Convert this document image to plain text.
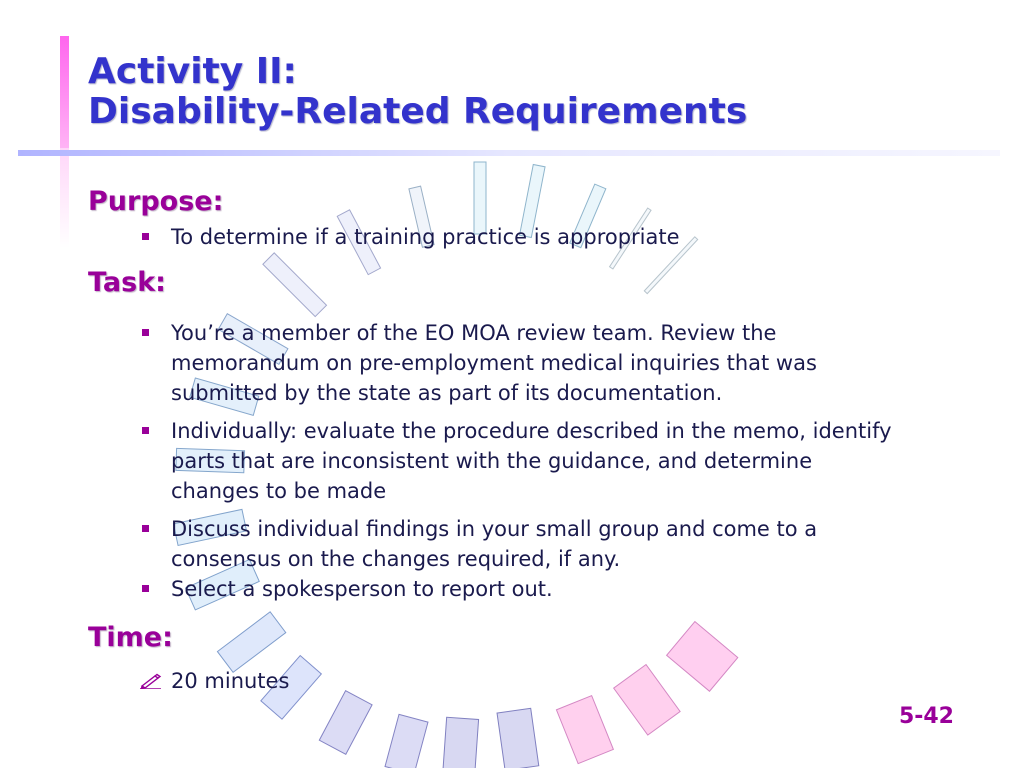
Activity II:
Disability-Related Requirements
Purpose:
To determine if a training practice is appropriate
Task:
You’re a member of the EO MOA review team. Review the memorandum on pre-employment medical inquiries that was submitted by the state as part of its documentation.
Individually: evaluate the procedure described in the memo, identify parts that are inconsistent with the guidance, and determine changes to be made
Discuss individual findings in your small group and come to a consensus on the changes required, if any.
Select a spokesperson to report out.
Time:
20 minutes
5-42
